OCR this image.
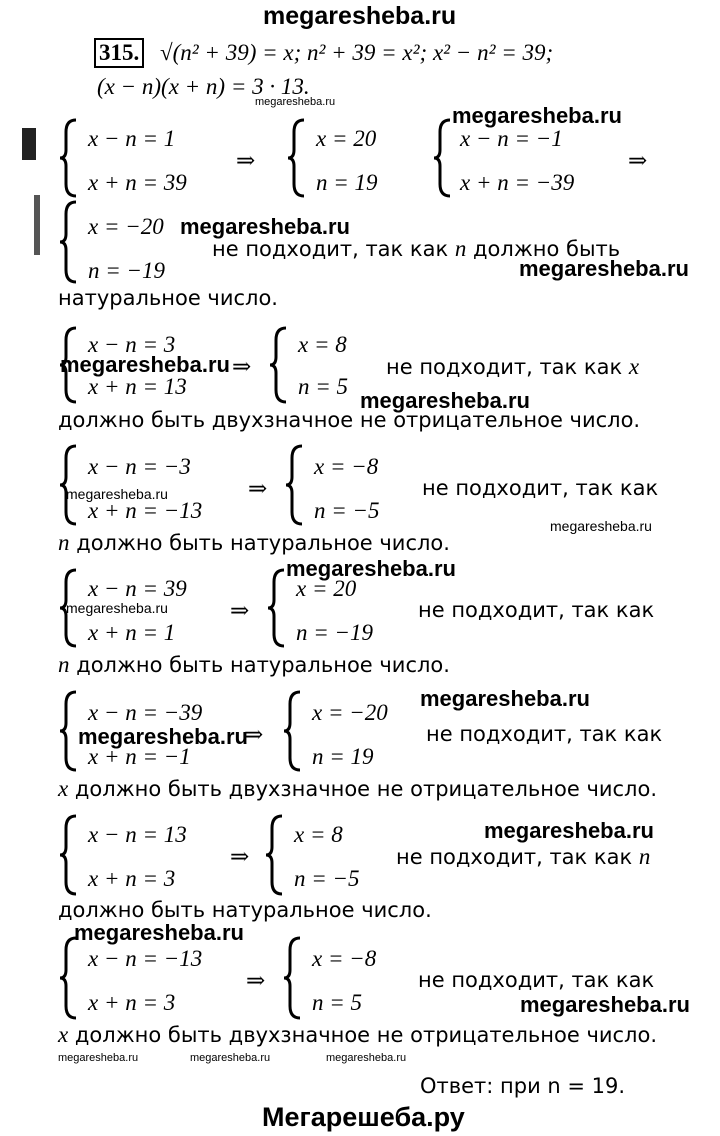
megaresheba.ru
315. √(n² + 39) = x; n² + 39 = x²; x² − n² = 39;
(x − n)(x + n) = 3 · 13.
megaresheba.ru
x − n = 1
x + n = 39
⇒
x = 20
n = 19
megaresheba.ru
x − n = −1
x + n = −39
⇒
x = −20 megaresheba.ru
n = −19
не подходит, так как n должно быть
megaresheba.ru
натуральное число.
x − n = 3
megaresheba.ru ⇒
x + n = 13
x = 8
n = 5
не подходит, так как x
megaresheba.ru
должно быть двухзначное не отрицательное число.
x − n = −3
megaresheba.ru
x + n = −13
⇒
x = −8
n = −5
не подходит, так как
megaresheba.ru
n должно быть натуральное число.
megaresheba.ru
x − n = 39
megaresheba.ru
x + n = 1
⇒
x = 20
n = −19
не подходит, так как
n должно быть натуральное число.
megaresheba.ru
x − n = −39
megaresheba.ru
⇒
x + n = −1
x = −20
n = 19
не подходит, так как
x должно быть двухзначное не отрицательное число.
x − n = 13
x + n = 3
⇒
x = 8
n = −5
megaresheba.ru
не подходит, так как n
должно быть натуральное число.
megaresheba.ru
x − n = −13
x + n = 3
⇒
x = −8
n = 5
не подходит, так как
megaresheba.ru
x должно быть двухзначное не отрицательное число.
megaresheba.ru	megaresheba.ru	megaresheba.ru
Ответ: при n = 19.
Мегарешеба.ру
